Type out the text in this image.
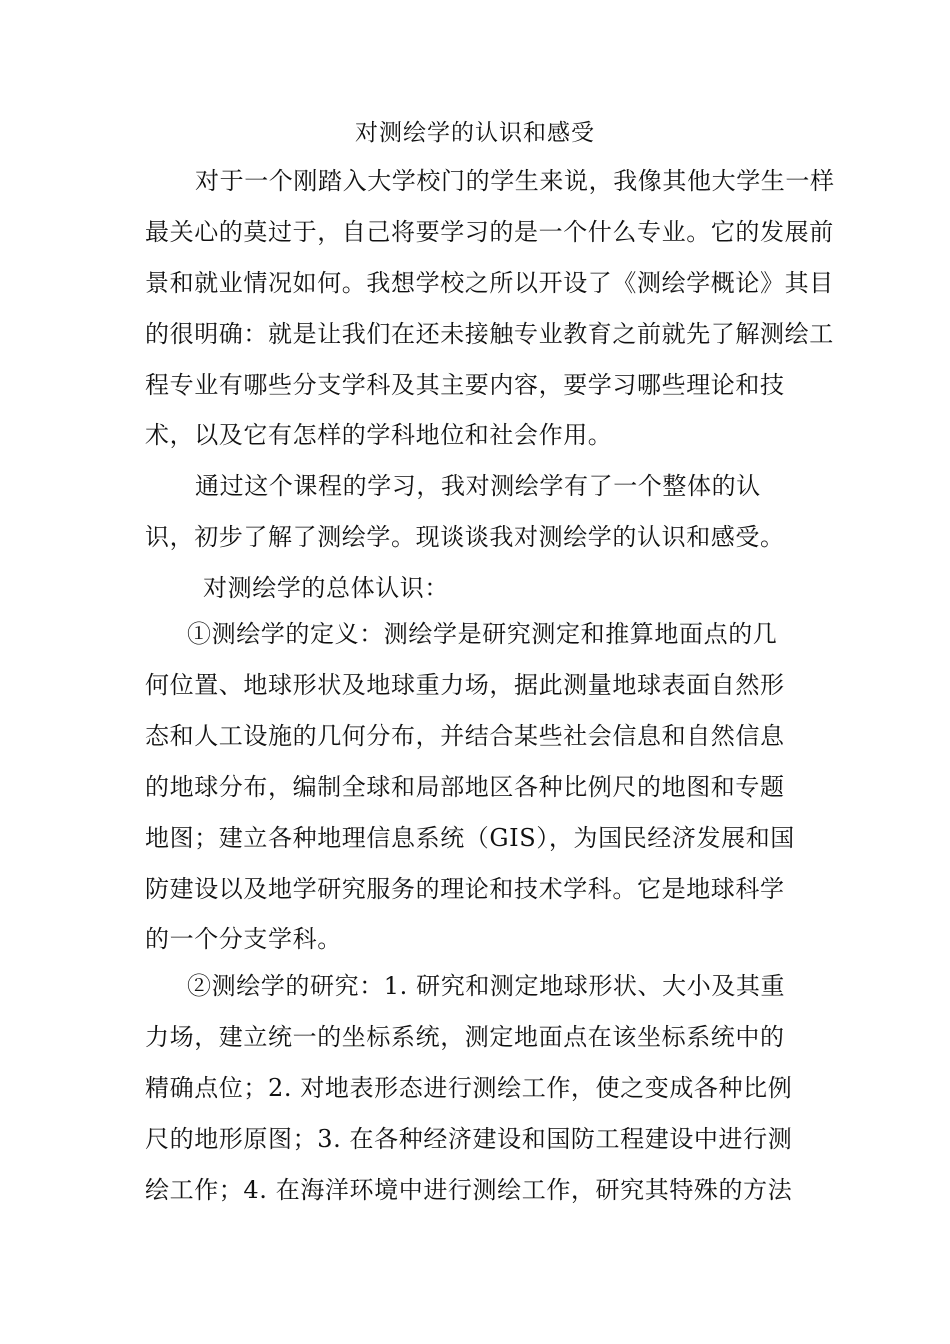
对测绘学的认识和感受
对于一个刚踏入大学校门的学生来说，我像其他大学生一样
最关心的莫过于，自己将要学习的是一个什么专业。它的发展前
景和就业情况如何。我想学校之所以开设了《测绘学概论》其目
的很明确：就是让我们在还未接触专业教育之前就先了解测绘工
程专业有哪些分支学科及其主要内容，要学习哪些理论和技
术，以及它有怎样的学科地位和社会作用。
通过这个课程的学习，我对测绘学有了一个整体的认
识，初步了解了测绘学。现谈谈我对测绘学的认识和感受。
对测绘学的总体认识：
①测绘学的定义：测绘学是研究测定和推算地面点的几
何位置、地球形状及地球重力场，据此测量地球表面自然形
态和人工设施的几何分布，并结合某些社会信息和自然信息
的地球分布，编制全球和局部地区各种比例尺的地图和专题
地图；建立各种地理信息系统（GIS），为国民经济发展和国
防建设以及地学研究服务的理论和技术学科。它是地球科学
的一个分支学科。
②测绘学的研究：1. 研究和测定地球形状、大小及其重
力场，建立统一的坐标系统，测定地面点在该坐标系统中的
精确点位；2. 对地表形态进行测绘工作，使之变成各种比例
尺的地形原图；3. 在各种经济建设和国防工程建设中进行测
绘工作；4. 在海洋环境中进行测绘工作，研究其特殊的方法
